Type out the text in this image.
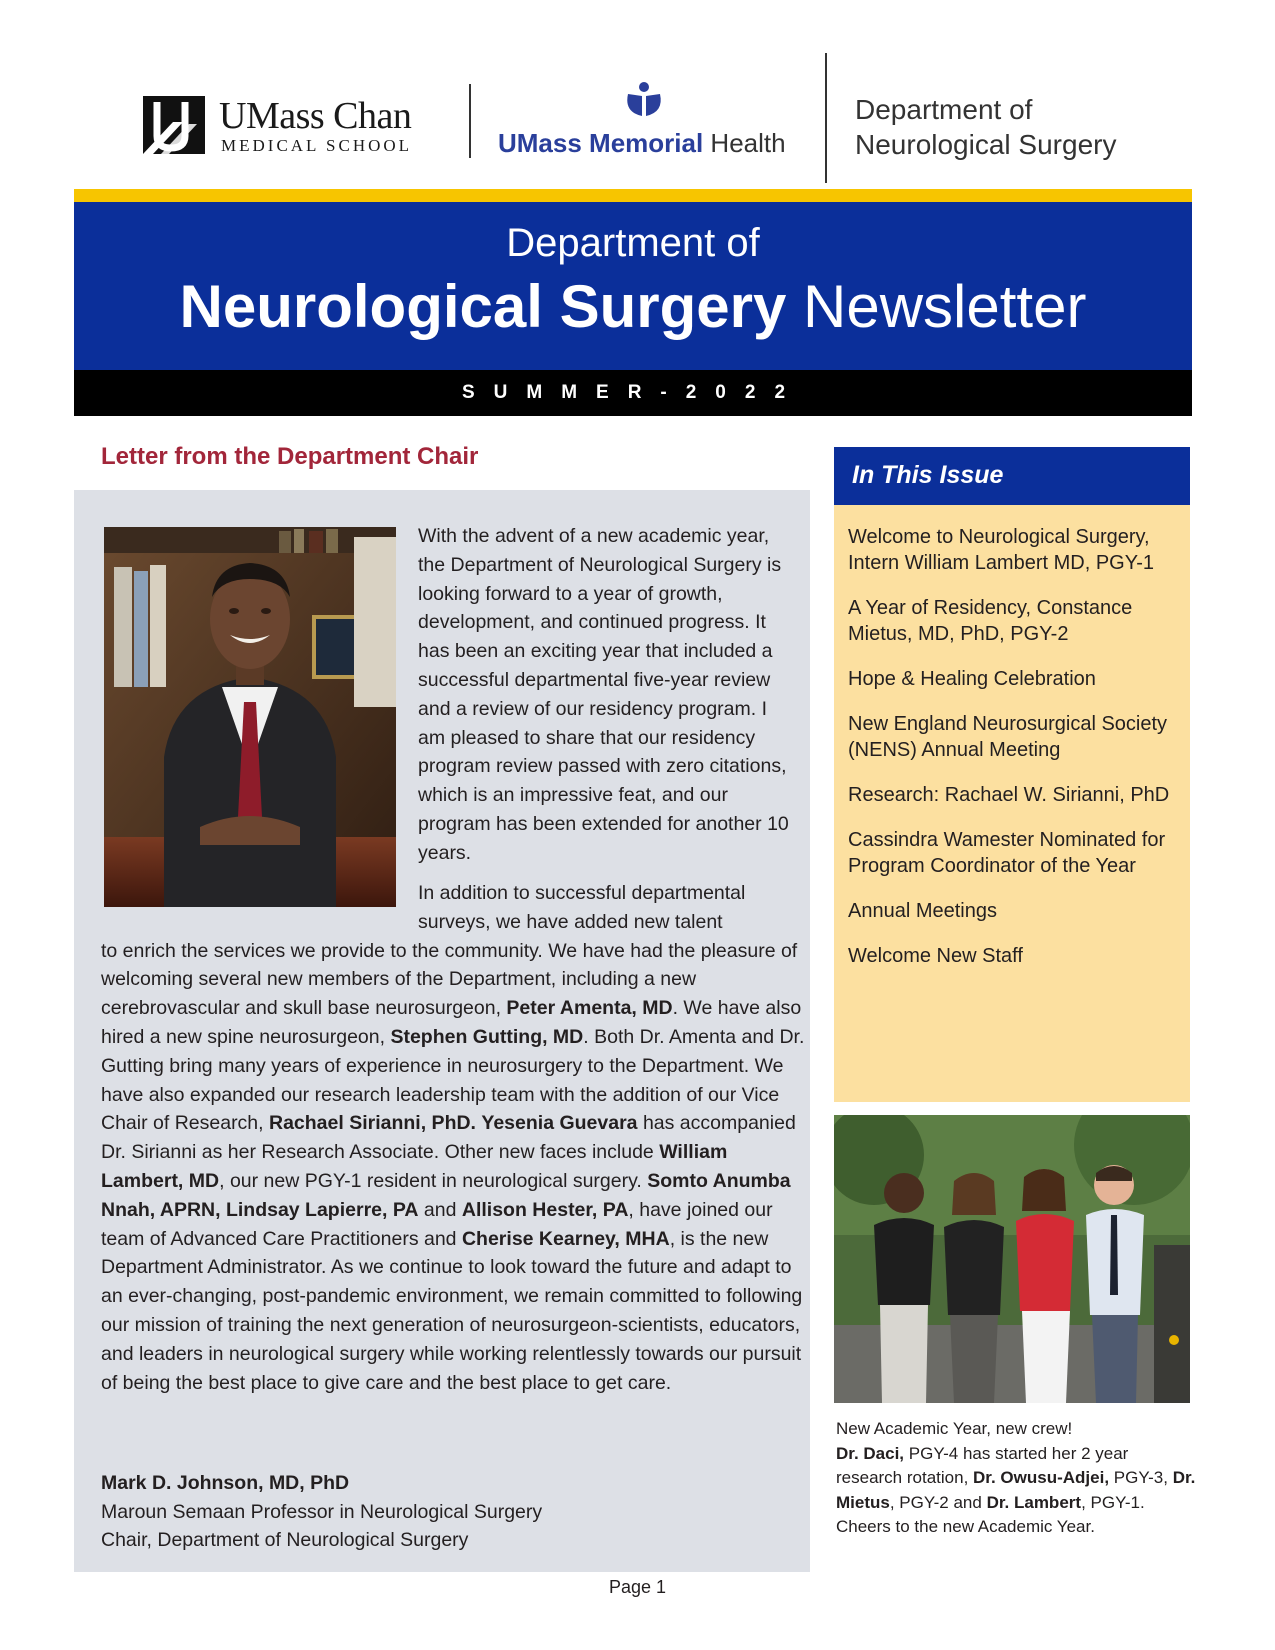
UMass Chan
MEDICAL SCHOOL	UMass Memorial Health
Department of
Neurological Surgery
Department of
Neurological Surgery Newsletter
SUMMER-2022
Letter from the Department Chair
With the advent of a new academic year, the Department of Neurological Surgery is looking forward to a year of growth, development, and continued progress. It has been an exciting year that included a successful departmental five-year review and a review of our residency program. I am pleased to share that our residency program review passed with zero citations, which is an impressive feat, and our program has been extended for another 10 years.
In addition to successful departmental surveys, we have added new talent
to enrich the services we provide to the community. We have had the pleasure of welcoming several new members of the Department, including a new cerebrovascular and skull base neurosurgeon, Peter Amenta, MD. We have also hired a new spine neurosurgeon, Stephen Gutting, MD. Both Dr. Amenta and Dr. Gutting bring many years of experience in neurosurgery to the Department. We have also expanded our research leadership team with the addition of our Vice Chair of Research, Rachael Sirianni, PhD. Yesenia Guevara has accompanied Dr. Sirianni as her Research Associate. Other new faces include William Lambert, MD, our new PGY-1 resident in neurological surgery. Somto Anumba Nnah, APRN, Lindsay Lapierre, PA and Allison Hester, PA, have joined our team of Advanced Care Practitioners and Cherise Kearney, MHA, is the new Department Administrator. As we continue to look toward the future and adapt to an ever-changing, post-pandemic environment, we remain committed to following our mission of training the next generation of neurosurgeon-scientists, educators, and leaders in neurological surgery while working relentlessly towards our pursuit of being the best place to give care and the best place to get care.
Mark D. Johnson, MD, PhD
Maroun Semaan Professor in Neurological Surgery
Chair, Department of Neurological Surgery
In This Issue
Welcome to Neurological Surgery, Intern William Lambert MD, PGY-1
A Year of Residency, Constance Mietus, MD, PhD, PGY-2
Hope & Healing Celebration
New England Neurosurgical Society (NENS) Annual Meeting
Research: Rachael W. Sirianni, PhD
Cassindra Wamester Nominated for Program Coordinator of the Year
Annual Meetings
Welcome New Staff
New Academic Year, new crew!
Dr. Daci, PGY-4 has started her 2 year research rotation, Dr. Owusu-Adjei, PGY-3, Dr. Mietus, PGY-2 and Dr. Lambert, PGY-1. Cheers to the new Academic Year.
Page 1
